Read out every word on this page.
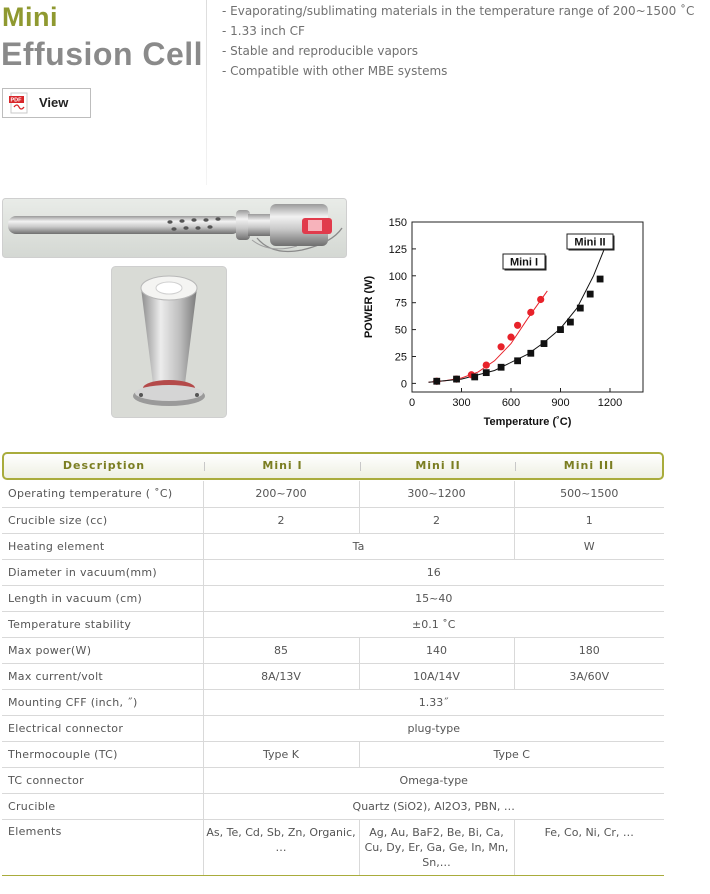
Mini
Effusion Cell
PDF View
- Evaporating/sublimating materials in the temperature range of 200~1500 ˚C
- 1.33 inch CF
- Stable and reproducible vapors
- Compatible with other MBE systems
0	300	600	900	1200
0
25
50
75
100
125
150
Temperature (˚C)
POWER (W)
Mini I
Mini II
Description	Mini I	Mini II	Mini III
Operating temperature ( ˚C)	200~700	300~1200	500~1500
Crucible size (cc)	2	2	1
Heating element	Ta		W
Diameter in vacuum(mm)	16		
Length in vacuum (cm)	15~40		
Temperature stability	±0.1 ˚C		
Max power(W)	85	140	180
Max current/volt	8A/13V	10A/14V	3A/60V
Mounting CFF (inch, ˝)	1.33˝		
Electrical connector	plug-type		
Thermocouple (TC)	Type K	Type C	
TC connector	Omega-type		
Crucible	Quartz (SiO2), Al2O3, PBN, …		
Elements	As, Te, Cd, Sb, Zn, Organic, …	Ag, Au, BaF2, Be, Bi, Ca, Cu, Dy, Er, Ga, Ge, In, Mn, Sn,…	Fe, Co, Ni, Cr, …
